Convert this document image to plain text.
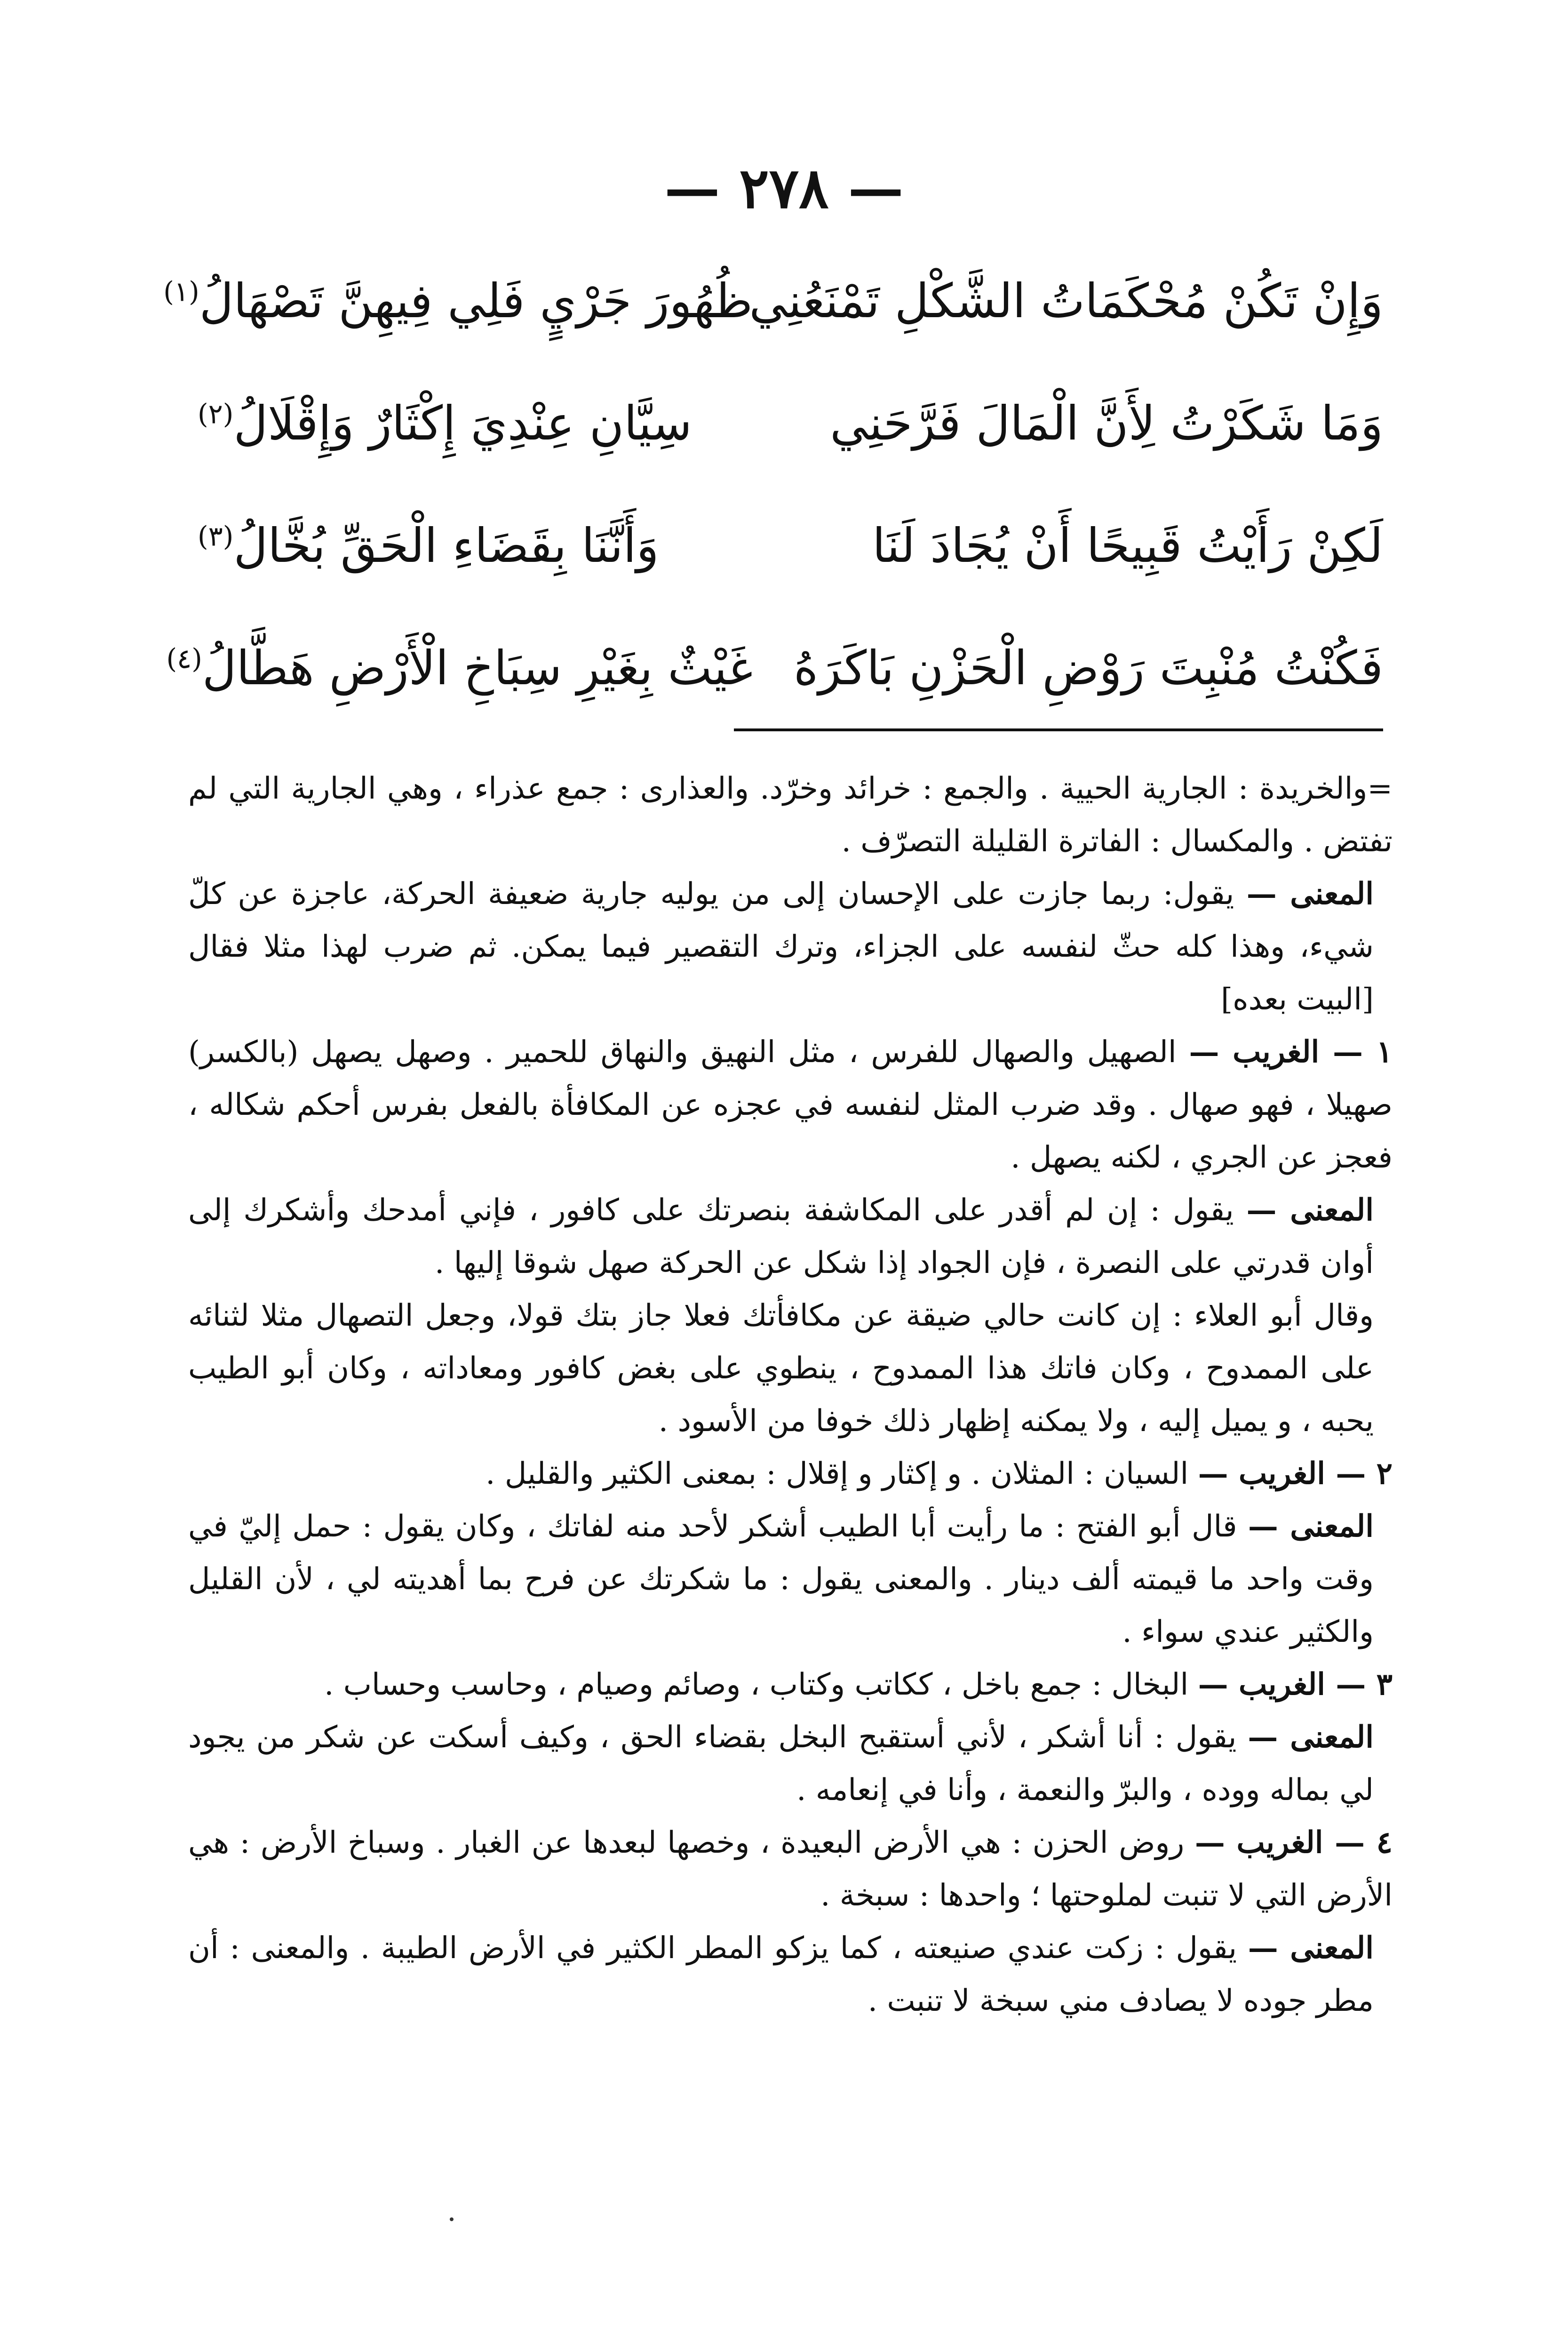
— ٢٧٨ —
وَإِنْ تَكُنْ مُحْكَمَاتُ الشَّكْلِ تَمْنَعُنِي
ظُهُورَ جَرْيٍ فَلِي فِيهِنَّ تَصْهَالُ$^{(١)}$
وَمَا شَكَرْتُ لِأَنَّ الْمَالَ فَرَّحَنِي
سِيَّانِ عِنْدِيَ إِكْثَارٌ وَإِقْلَالُ$^{(٢)}$
لَكِنْ رَأَيْتُ قَبِيحًا أَنْ يُجَادَ لَنَا
وَأَنَّنَا بِقَضَاءِ الْحَقِّ بُخَّالُ$^{(٣)}$
فَكُنْتُ مُنْبِتَ رَوْضِ الْحَزْنِ بَاكَرَهُ
غَيْثٌ بِغَيْرِ سِبَاخِ الْأَرْضِ هَطَّالُ$^{(٤)}$

=والخريدة : الجارية الحيية . والجمع : خرائد وخرّد. والعذارى : جمع عذراء ، وهي الجارية التي لم تفتض . والمكسال : الفاترة القليلة التصرّف .

المعنى — يقول: ربما جازت على الإحسان إلى من يوليه جارية ضعيفة الحركة، عاجزة عن كلّ شيء، وهذا كله حثّ لنفسه على الجزاء، وترك التقصير فيما يمكن. ثم ضرب لهذا مثلا فقال [البيت بعده]

١ — الغريب — الصهيل والصهال للفرس ، مثل النهيق والنهاق للحمير . وصهل يصهل (بالكسر) صهيلا ، فهو صهال . وقد ضرب المثل لنفسه في عجزه عن المكافأة بالفعل بفرس أحكم شكاله ، فعجز عن الجري ، لكنه يصهل .

المعنى — يقول : إن لم أقدر على المكاشفة بنصرتك على كافور ، فإني أمدحك وأشكرك إلى أوان قدرتي على النصرة ، فإن الجواد إذا شكل عن الحركة صهل شوقا إليها .

وقال أبو العلاء : إن كانت حالي ضيقة عن مكافأتك فعلا جاز بتك قولا، وجعل التصهال مثلا لثنائه على الممدوح ، وكان فاتك هذا الممدوح ، ينطوي على بغض كافور ومعاداته ، وكان أبو الطيب يحبه ، و يميل إليه ، ولا يمكنه إظهار ذلك خوفا من الأسود .

٢ — الغريب — السيان : المثلان . و إكثار و إقلال : بمعنى الكثير والقليل .

المعنى — قال أبو الفتح : ما رأيت أبا الطيب أشكر لأحد منه لفاتك ، وكان يقول : حمل إليّ في وقت واحد ما قيمته ألف دينار . والمعنى يقول : ما شكرتك عن فرح بما أهديته لي ، لأن القليل والكثير عندي سواء .

٣ — الغريب — البخال : جمع باخل ، ككاتب وكتاب ، وصائم وصيام ، وحاسب وحساب .

المعنى — يقول : أنا أشكر ، لأني أستقبح البخل بقضاء الحق ، وكيف أسكت عن شكر من يجود لي بماله ووده ، والبرّ والنعمة ، وأنا في إنعامه .

٤ — الغريب — روض الحزن : هي الأرض البعيدة ، وخصها لبعدها عن الغبار . وسباخ الأرض : هي الأرض التي لا تنبت لملوحتها ؛ واحدها : سبخة .

المعنى — يقول : زكت عندي صنيعته ، كما يزكو المطر الكثير في الأرض الطيبة . والمعنى : أن مطر جوده لا يصادف مني سبخة لا تنبت .
